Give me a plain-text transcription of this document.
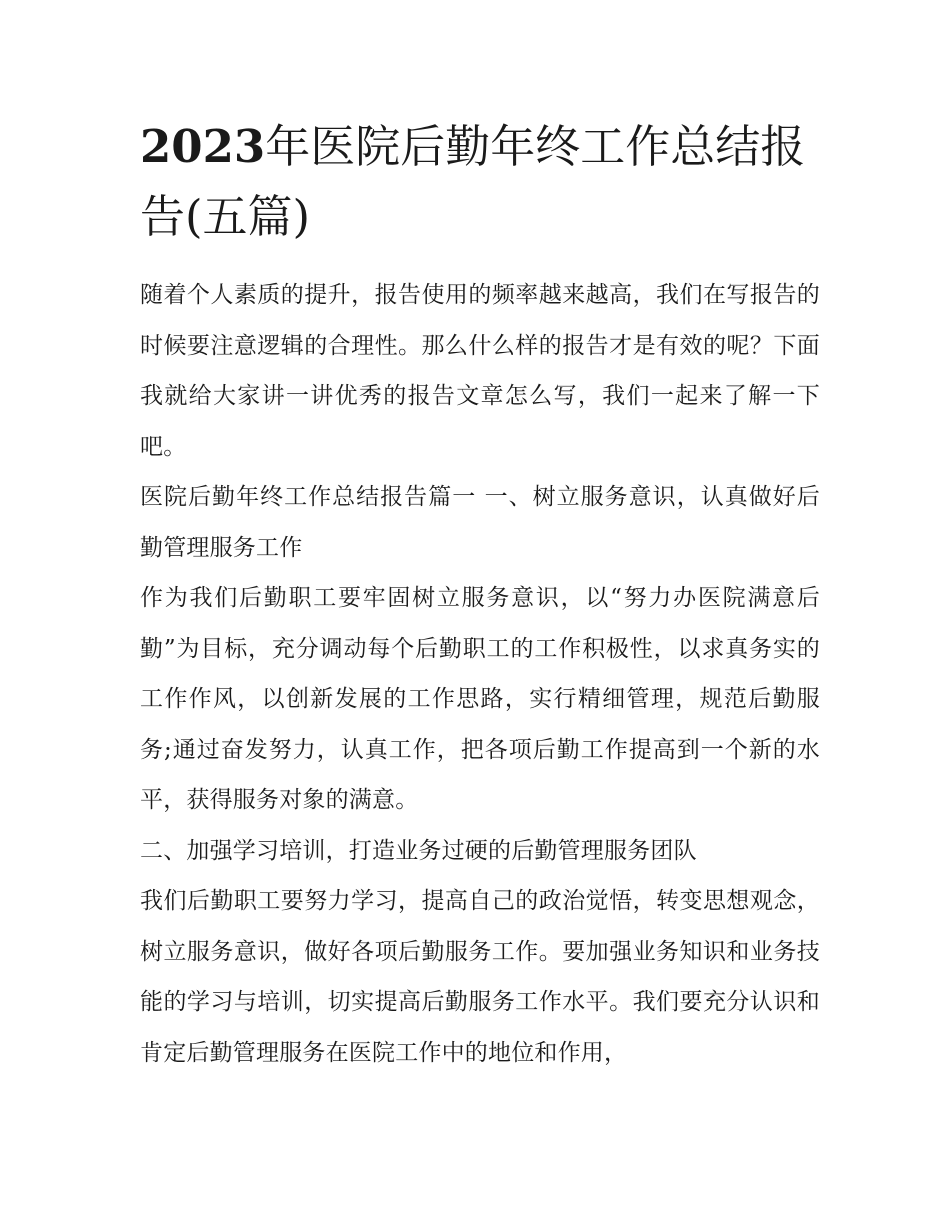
2023年医院后勤年终工作总结报告(五篇)

随着个人素质的提升，报告使用的频率越来越高，我们在写报告的时候要注意逻辑的合理性。那么什么样的报告才是有效的呢？下面我就给大家讲一讲优秀的报告文章怎么写，我们一起来了解一下吧。

医院后勤年终工作总结报告篇一 一、树立服务意识，认真做好后勤管理服务工作

作为我们后勤职工要牢固树立服务意识，以“努力办医院满意后勤”为目标，充分调动每个后勤职工的工作积极性，以求真务实的工作作风，以创新发展的工作思路，实行精细管理，规范后勤服务;通过奋发努力，认真工作，把各项后勤工作提高到一个新的水平，获得服务对象的满意。

二、加强学习培训，打造业务过硬的后勤管理服务团队

我们后勤职工要努力学习，提高自己的政治觉悟，转变思想观念，树立服务意识，做好各项后勤服务工作。要加强业务知识和业务技能的学习与培训，切实提高后勤服务工作水平。我们要充分认识和肯定后勤管理服务在医院工作中的地位和作用，
